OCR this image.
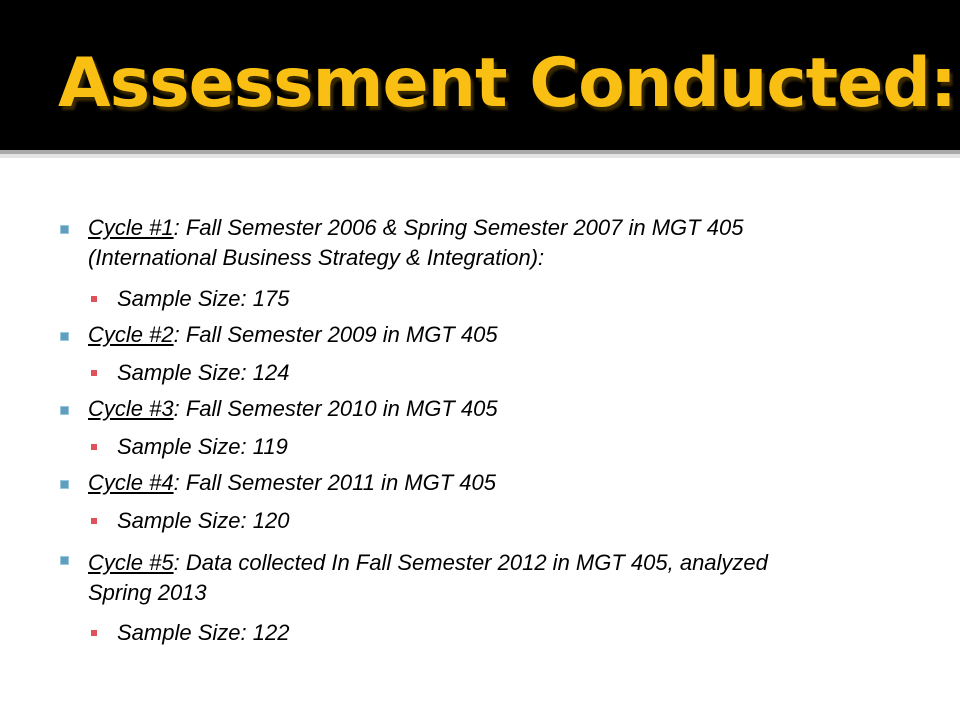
Assessment Conducted:
Cycle #1: Fall Semester 2006 & Spring Semester 2007 in MGT 405
(International Business Strategy & Integration):
Sample Size: 175
Cycle #2: Fall Semester 2009 in MGT 405
Sample Size: 124
Cycle #3: Fall Semester 2010 in MGT 405
Sample Size: 119
Cycle #4: Fall Semester 2011 in MGT 405
Sample Size: 120
Cycle #5: Data collected In Fall Semester 2012 in MGT 405, analyzed
Spring 2013
Sample Size: 122
